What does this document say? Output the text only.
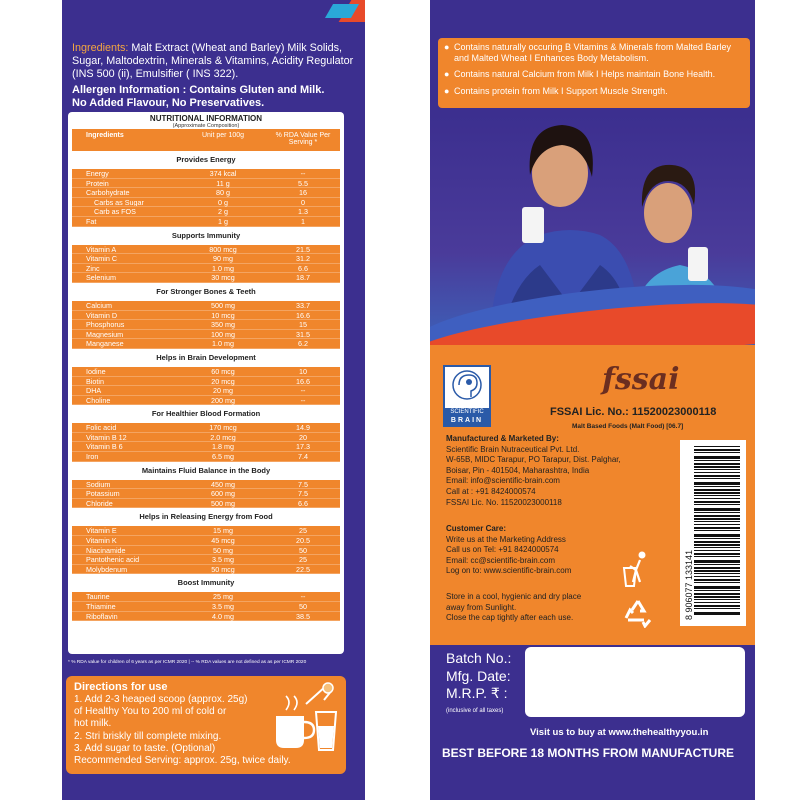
Ingredients: Malt Extract (Wheat and Barley) Milk Solids, Sugar, Maltodextrin, Minerals & Vitamins, Acidity Regulator (INS 500 (ii), Emulsifier ( INS 322).
Allergen Information : Contains Gluten and Milk.
No Added Flavour, No Preservatives.
NUTRITIONAL INFORMATION
(Approximate Composition)
Ingredients	Unit per 100g	% RDA Value Per Serving *
Provides Energy
Energy	374 kcal	--
Protein	11 g	5.5
Carbohydrate	80 g	16
Carbs as Sugar	0 g	0
Carb as FOS	2 g	1.3
Fat	1 g	1
Supports Immunity
Vitamin A	800 mcg	21.5
Vitamin C	90 mg	31.2
Zinc	1.0 mg	6.6
Selenium	30 mcg	18.7
For Stronger Bones & Teeth
Calcium	500 mg	33.7
Vitamin D	10 mcg	16.6
Phosphorus	350 mg	15
Magnesium	100 mg	31.5
Manganese	1.0 mg	6.2
Helps in Brain Development
Iodine	60 mcg	10
Biotin	20 mcg	16.6
DHA	20 mg	--
Choline	200 mg	--
For Healthier Blood Formation
Folic acid	170 mcg	14.9
Vitamin B 12	2.0 mcg	20
Vitamin B 6	1.8 mg	17.3
Iron	6.5 mg	7.4
Maintains Fluid Balance in the Body
Sodium	450 mg	7.5
Potassium	600 mg	7.5
Chloride	500 mg	6.6
Helps in Releasing Energy from Food
Vitamin E	15 mg	25
Vitamin K	45 mcg	20.5
Niacinamide	50 mg	50
Pantothenic acid	3.5 mg	25
Molybdenum	50 mcg	22.5
Boost Immunity
Taurine	25 mg	--
Thiamine	3.5 mg	50
Riboflavin	4.0 mg	38.5
* % RDA value for children of 6 years as per ICMR 2020 | -- % RDA values are not defined as as per ICMR 2020
Directions for use
1. Add 2-3 heaped scoop (approx. 25g)
of Healthy You to 200 ml of cold or
hot milk.
2. Stri briskly till complete mixing.
3. Add sugar to taste. (Optional)
Recommended Serving: approx. 25g, twice daily.
● Contains naturally occuring B Vitamins & Minerals from Malted Barley and Malted Wheat I Enhances Body Metabolism.
● Contains natural Calcium from Milk I Helps maintain Bone Health.
● Contains protein from Milk I Support Muscle Strength.
SCIENTIFIC
BRAIN
fssai
FSSAI Lic. No.: 11520023000118
Malt Based Foods (Malt Food) [06.7]
Manufactured & Marketed By:
Scientific Brain Nutraceutical Pvt. Ltd.
W-65B, MIDC Tarapur, PO Tarapur, Dist. Palghar,
Boisar, Pin - 401504, Maharashtra, India
Email: info@scientific-brain.com
Call at : +91 8424000574
FSSAI Lic. No. 11520023000118
Customer Care:
Write us at the Marketing Address
Call us on Tel: +91 8424000574
Email: cc@scientific-brain.com
Log on to: www.scientific-brain.com
Store in a cool, hygienic and dry place
away from Sunlight.
Close the cap tightly after each use.	8 906077 133141
Batch No.:
Mfg. Date:
M.R.P. ₹ :
(inclusive of all taxes)
Visit us to buy at www.thehealthyyou.in
BEST BEFORE 18 MONTHS FROM MANUFACTURE
